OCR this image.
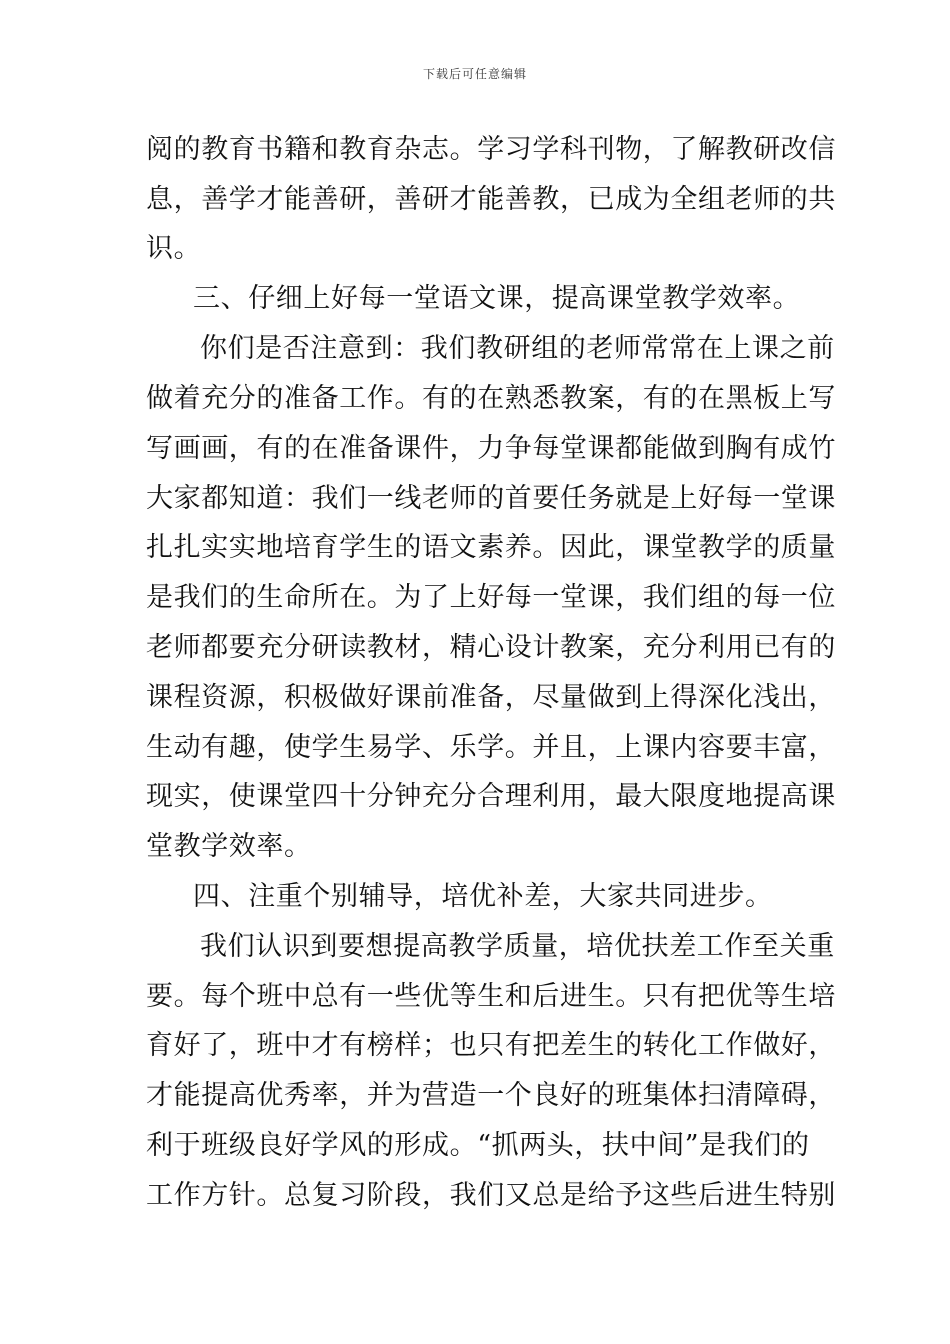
下载后可任意编辑
阅的教育书籍和教育杂志。学习学科刊物，了解教研改信
息，善学才能善研，善研才能善教，已成为全组老师的共
识。
三、仔细上好每一堂语文课，提高课堂教学效率。
你们是否注意到：我们教研组的老师常常在上课之前
做着充分的准备工作。有的在熟悉教案，有的在黑板上写
写画画，有的在准备课件，力争每堂课都能做到胸有成竹
大家都知道：我们一线老师的首要任务就是上好每一堂课
扎扎实实地培育学生的语文素养。因此，课堂教学的质量
是我们的生命所在。为了上好每一堂课，我们组的每一位
老师都要充分研读教材，精心设计教案，充分利用已有的
课程资源，积极做好课前准备，尽量做到上得深化浅出，
生动有趣，使学生易学、乐学。并且，上课内容要丰富，
现实，使课堂四十分钟充分合理利用，最大限度地提高课
堂教学效率。
四、注重个别辅导，培优补差，大家共同进步。
我们认识到要想提高教学质量，培优扶差工作至关重
要。每个班中总有一些优等生和后进生。只有把优等生培
育好了，班中才有榜样；也只有把差生的转化工作做好，
才能提高优秀率，并为营造一个良好的班集体扫清障碍，
利于班级良好学风的形成。“抓两头，扶中间”是我们的
工作方针。总复习阶段，我们又总是给予这些后进生特别
